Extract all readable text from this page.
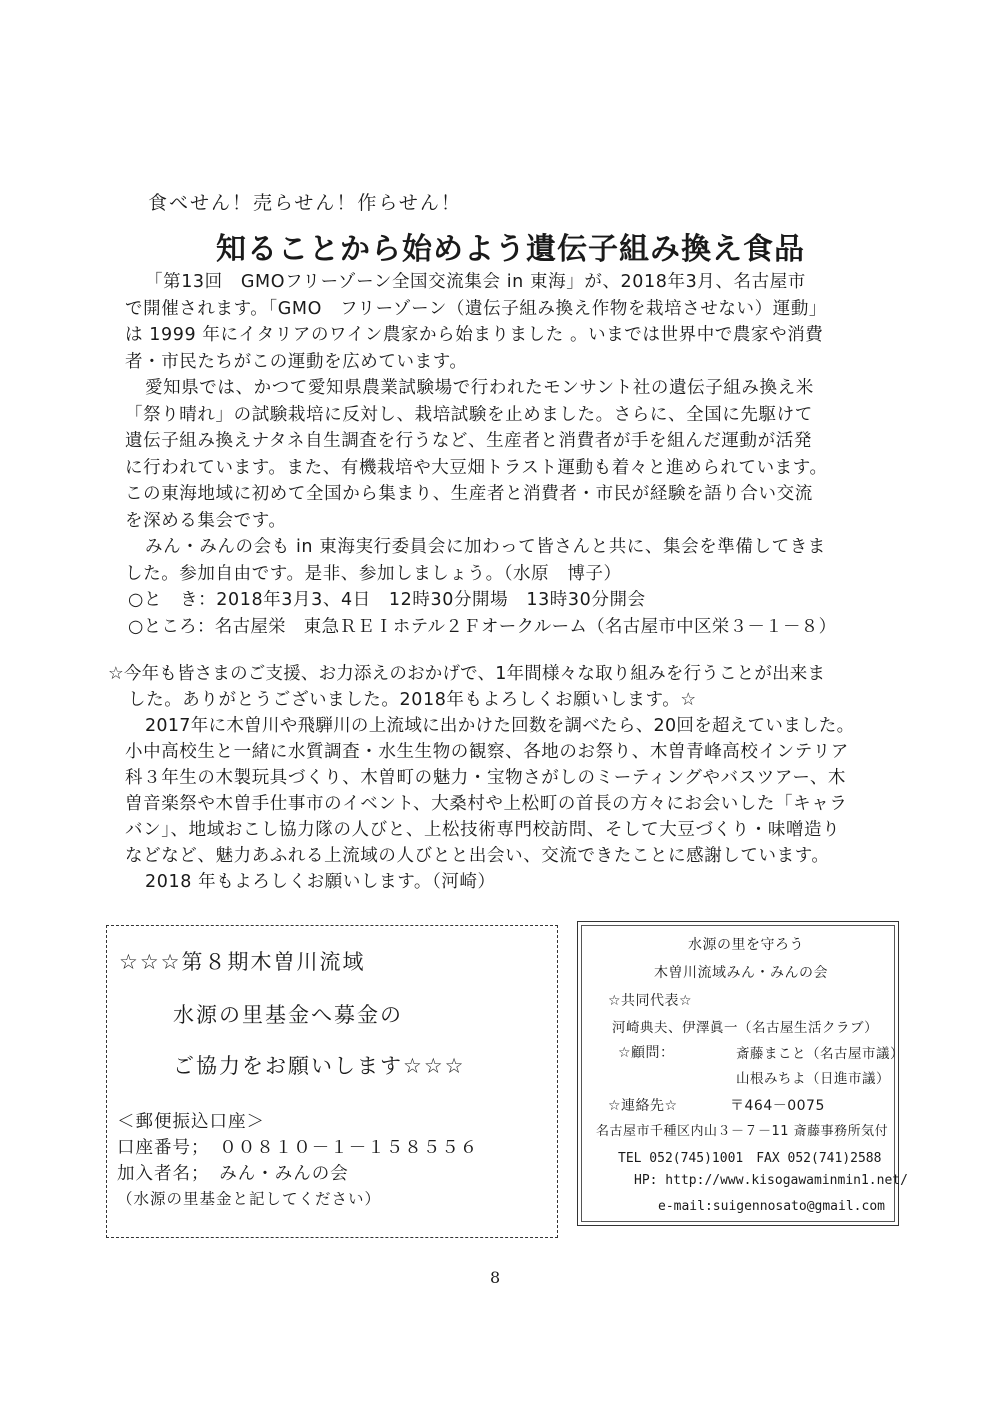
食べせん！売らせん！作らせん！
知ることから始めよう遺伝子組み換え食品
「第13回　GMOフリーゾーン全国交流集会 in 東海」が、2018年3月、名古屋市
で開催されます。「GMO　フリーゾーン（遺伝子組み換え作物を栽培させない）運動」
は 1999 年にイタリアのワイン農家から始まりました 。いまでは世界中で農家や消費
者・市民たちがこの運動を広めています。
愛知県では、かつて愛知県農業試験場で行われたモンサント社の遺伝子組み換え米
「祭り晴れ」の試験栽培に反対し、栽培試験を止めました。さらに、全国に先駆けて
遺伝子組み換えナタネ自生調査を行うなど、生産者と消費者が手を組んだ運動が活発
に行われています。また、有機栽培や大豆畑トラスト運動も着々と進められています。
この東海地域に初めて全国から集まり、生産者と消費者・市民が経験を語り合い交流
を深める集会です。
みん・みんの会も in 東海実行委員会に加わって皆さんと共に、集会を準備してきま
した。参加自由です。是非、参加しましょう。（水原　博子）
○と　き：2018年3月3、4日　12時30分開場　13時30分開会
○ところ：名古屋栄　東急ＲＥＩホテル２Ｆオークルーム（名古屋市中区栄３－１－８）
☆今年も皆さまのご支援、お力添えのおかげで、1年間様々な取り組みを行うことが出来ま
した。ありがとうございました。2018年もよろしくお願いします。☆
2017年に木曽川や飛騨川の上流域に出かけた回数を調べたら、20回を超えていました。
小中高校生と一緒に水質調査・水生生物の観察、各地のお祭り、木曽青峰高校インテリア
科３年生の木製玩具づくり、木曽町の魅力・宝物さがしのミーティングやバスツアー、木
曽音楽祭や木曽手仕事市のイベント、大桑村や上松町の首長の方々にお会いした「キャラ
バン」、地域おこし協力隊の人びと、上松技術専門校訪問、そして大豆づくり・味噌造り
などなど、魅力あふれる上流域の人びとと出会い、交流できたことに感謝しています。
2018 年もよろしくお願いします。（河崎）
☆☆☆第８期木曽川流域
水源の里基金へ募金の
ご協力をお願いします☆☆☆
＜郵便振込口座＞
口座番号；　００８１０－１－１５８５５６
加入者名；　みん・みんの会
（水源の里基金と記してください）
水源の里を守ろう
木曽川流域みん・みんの会
☆共同代表☆
河崎典夫、伊澤眞一（名古屋生活クラブ）
☆顧問：	斎藤まこと（名古屋市議）
山根みちよ（日進市議）
☆連絡先☆	〒464－0075
名古屋市千種区内山３－７－11 斎藤事務所気付
TEL 052(745)1001　FAX 052(741)2588
HP: http://www.kisogawaminmin1.net/
e-mail:suigennosato@gmail.com
8
